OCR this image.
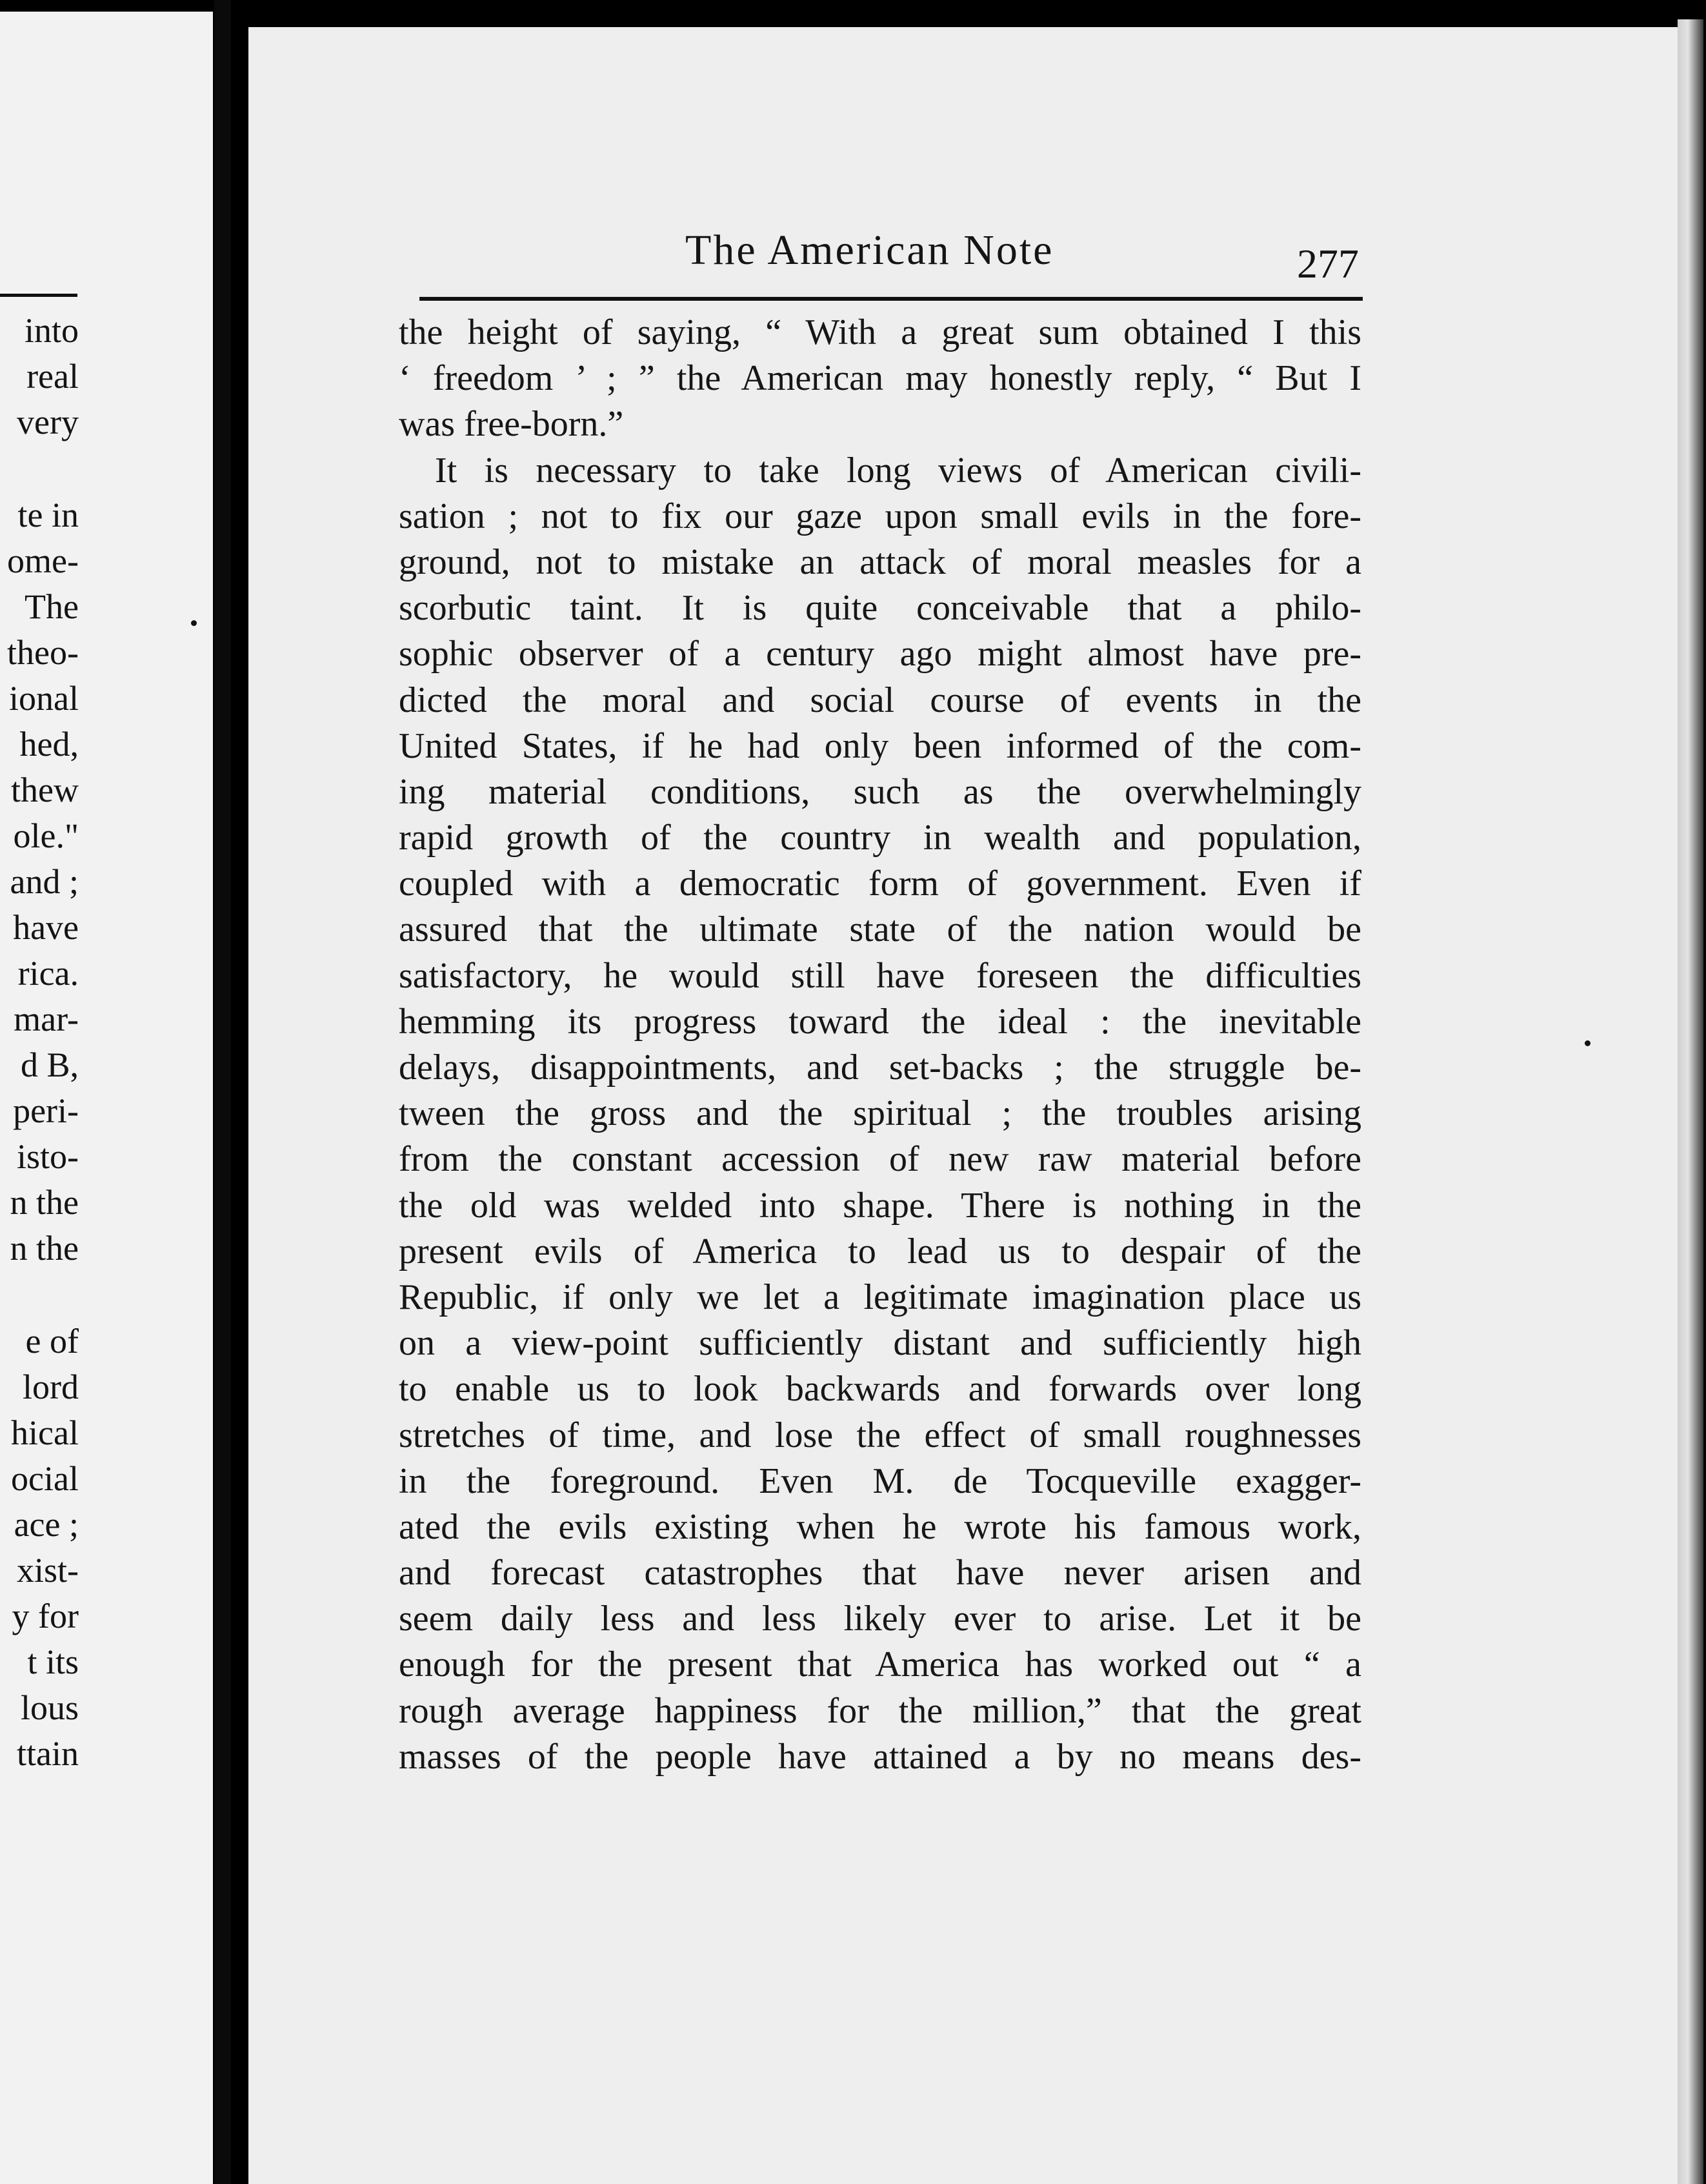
into
real
very
te in
ome-
The
theo-
ional
hed,
thew
ole."
and ;
have
rica.
mar-
d B,
peri-
isto-
n the
n the
e of
lord
hical
ocial
ace ;
xist-
y for
t its
lous
ttain
The American Note	277
the height of saying, “ With a great sum obtained I this
‘ freedom ’ ; ” the American may honestly reply, “ But I
was free-born.”
It is necessary to take long views of American civili-
sation ; not to fix our gaze upon small evils in the fore-
ground, not to mistake an attack of moral measles for a
scorbutic taint. It is quite conceivable that a philo-
sophic observer of a century ago might almost have pre-
dicted the moral and social course of events in the
United States, if he had only been informed of the com-
ing material conditions, such as the overwhelmingly
rapid growth of the country in wealth and population,
coupled with a democratic form of government. Even if
assured that the ultimate state of the nation would be
satisfactory, he would still have foreseen the difficulties
hemming its progress toward the ideal : the inevitable
delays, disappointments, and set-backs ; the struggle be-
tween the gross and the spiritual ; the troubles arising
from the constant accession of new raw material before
the old was welded into shape. There is nothing in the
present evils of America to lead us to despair of the
Republic, if only we let a legitimate imagination place us
on a view-point sufficiently distant and sufficiently high
to enable us to look backwards and forwards over long
stretches of time, and lose the effect of small roughnesses
in the foreground. Even M. de Tocqueville exagger-
ated the evils existing when he wrote his famous work,
and forecast catastrophes that have never arisen and
seem daily less and less likely ever to arise. Let it be
enough for the present that America has worked out “ a
rough average happiness for the million,” that the great
masses of the people have attained a by no means des-
